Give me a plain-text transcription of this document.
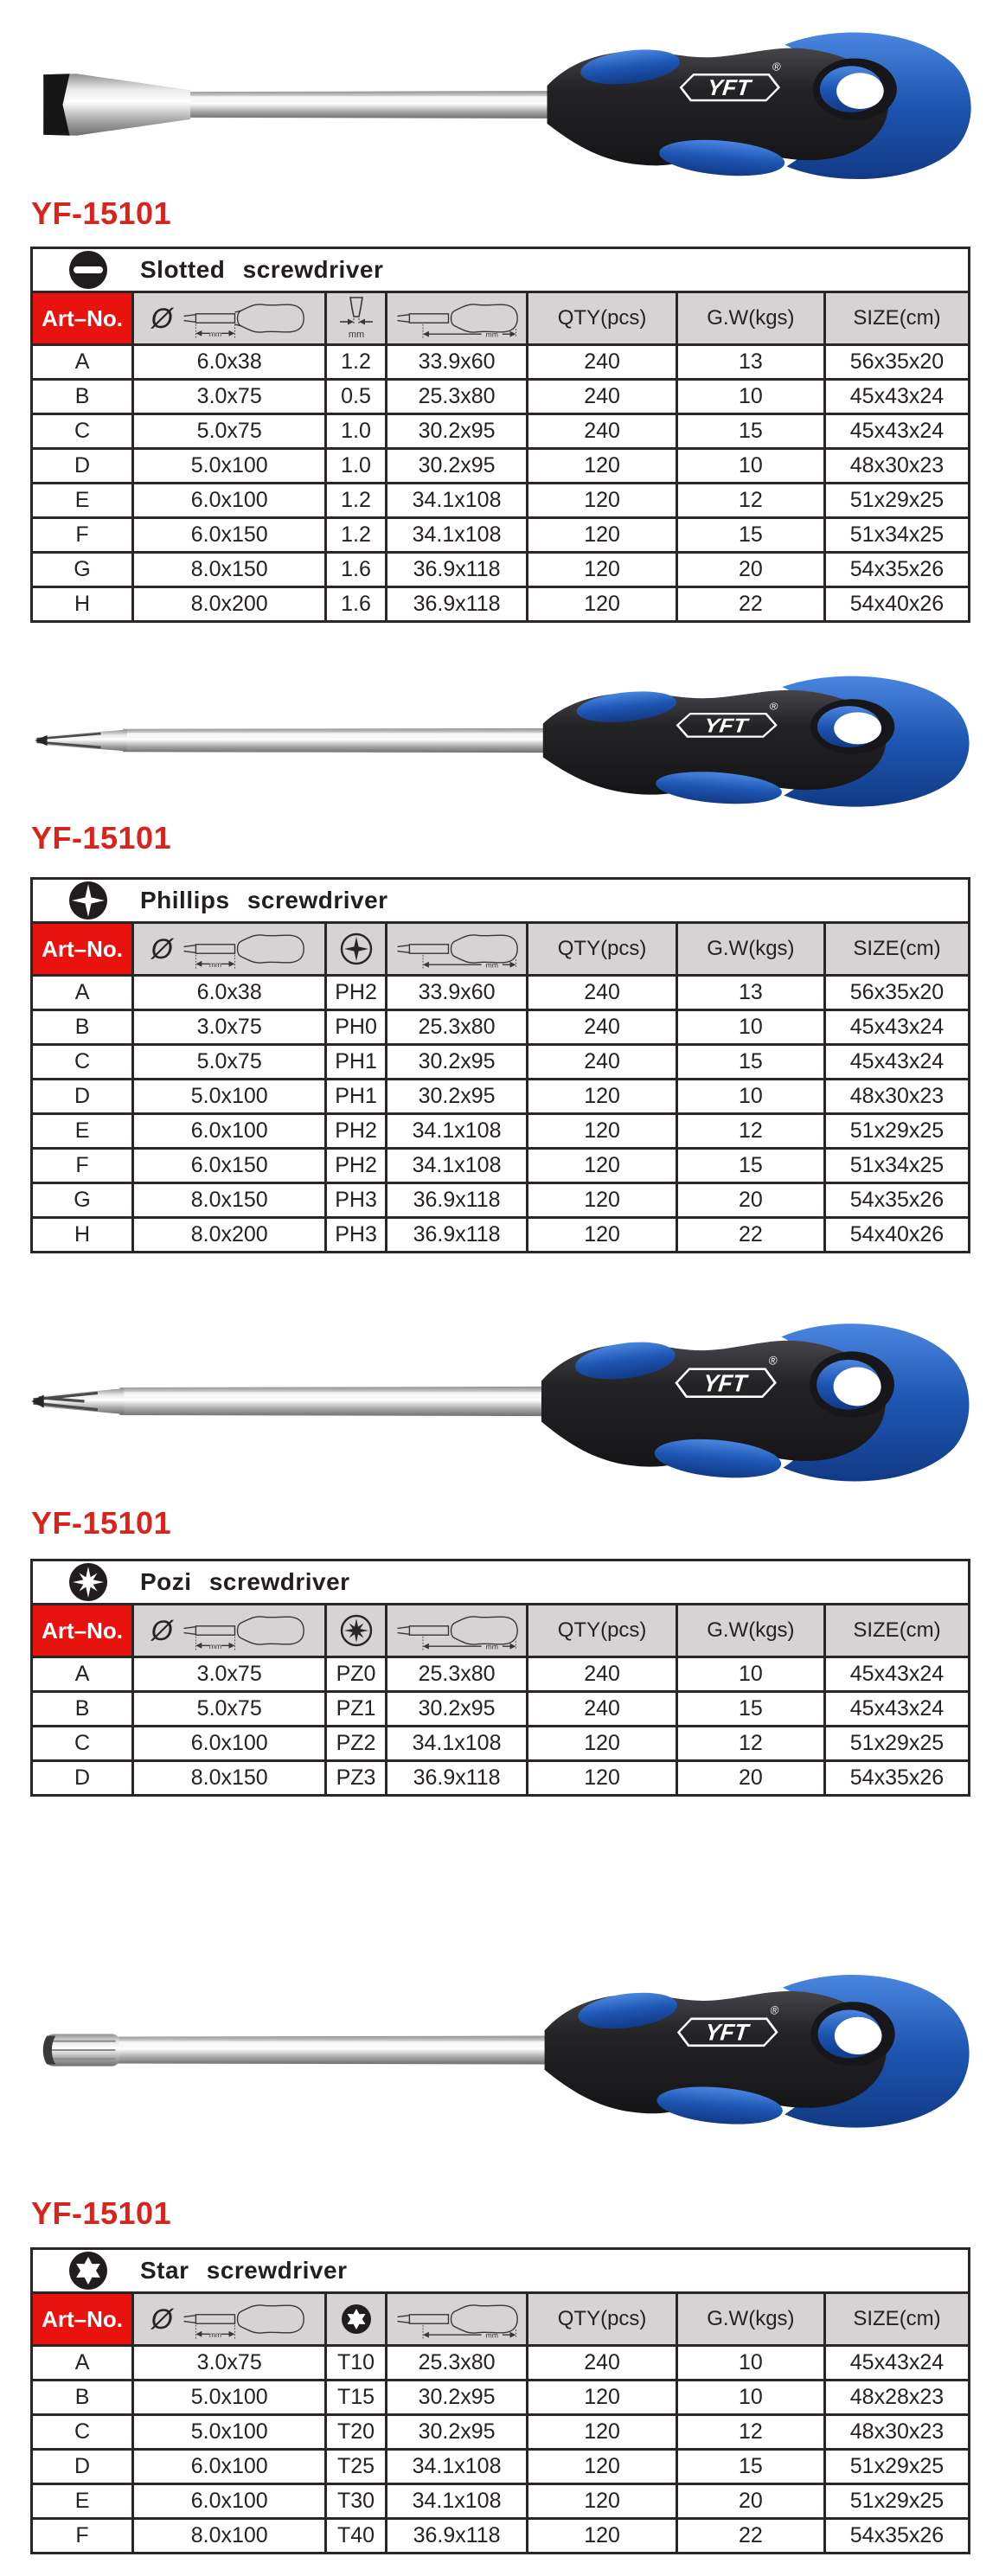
YFT
®
YF-15101
Slotted screwdriver						

Art–No.	Ø
mm	mm	mm	QTY(pcs)	G.W(kgs)	SIZE(cm)
A	6.0x38	1.2	33.9x60	240	13	56x35x20
B	3.0x75	0.5	25.3x80	240	10	45x43x24
C	5.0x75	1.0	30.2x95	240	15	45x43x24
D	5.0x100	1.0	30.2x95	120	10	48x30x23
E	6.0x100	1.2	34.1x108	120	12	51x29x25
F	6.0x150	1.2	34.1x108	120	15	51x34x25
G	8.0x150	1.6	36.9x118	120	20	54x35x26
H	8.0x200	1.6	36.9x118	120	22	54x40x26
YFT
®
YF-15101
Phillips screwdriver						

Art–No.	Ø
mm		mm	QTY(pcs)	G.W(kgs)	SIZE(cm)
A	6.0x38	PH2	33.9x60	240	13	56x35x20
B	3.0x75	PH0	25.3x80	240	10	45x43x24
C	5.0x75	PH1	30.2x95	240	15	45x43x24
D	5.0x100	PH1	30.2x95	120	10	48x30x23
E	6.0x100	PH2	34.1x108	120	12	51x29x25
F	6.0x150	PH2	34.1x108	120	15	51x34x25
G	8.0x150	PH3	36.9x118	120	20	54x35x26
H	8.0x200	PH3	36.9x118	120	22	54x40x26
YFT
®
YF-15101
Pozi screwdriver						

Art–No.	Ø
mm		mm	QTY(pcs)	G.W(kgs)	SIZE(cm)
A	3.0x75	PZ0	25.3x80	240	10	45x43x24
B	5.0x75	PZ1	30.2x95	240	15	45x43x24
C	6.0x100	PZ2	34.1x108	120	12	51x29x25
D	8.0x150	PZ3	36.9x118	120	20	54x35x26
YFT
®
YF-15101
Star screwdriver						

Art–No.	Ø
mm		mm	QTY(pcs)	G.W(kgs)	SIZE(cm)
A	3.0x75	T10	25.3x80	240	10	45x43x24
B	5.0x100	T15	30.2x95	120	10	48x28x23
C	5.0x100	T20	30.2x95	120	12	48x30x23
D	6.0x100	T25	34.1x108	120	15	51x29x25
E	6.0x100	T30	34.1x108	120	20	51x29x25
F	8.0x100	T40	36.9x118	120	22	54x35x26
